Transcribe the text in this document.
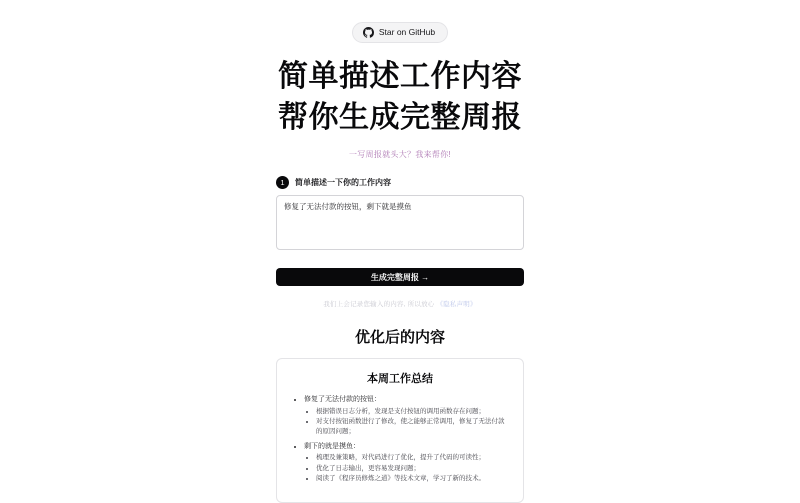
Star on GitHub
简单描述工作内容
帮你生成完整周报
一写周报就头大？我来帮你!
1	简单描述一下你的工作内容
修复了无法付款的按钮，剩下就是摸鱼
生成完整周报 →
我们上会记录您输入的内容, 所以放心 《隐私声明》
优化后的内容
本周工作总结
• 修复了无法付款的按钮：
• 根据错误日志分析，发现是支付按钮的调用函数存在问题；
• 对支付按钮函数进行了修改，使之能够正常调用，修复了无法付款的原因问题；
• 剩下的就是摸鱼：
• 梳理及兼策略，对代码进行了优化，提升了代码的可读性；
• 优化了日志输出，更容易发现问题；
• 阅读了《程序员修炼之道》等技术文章，学习了新的技术。
